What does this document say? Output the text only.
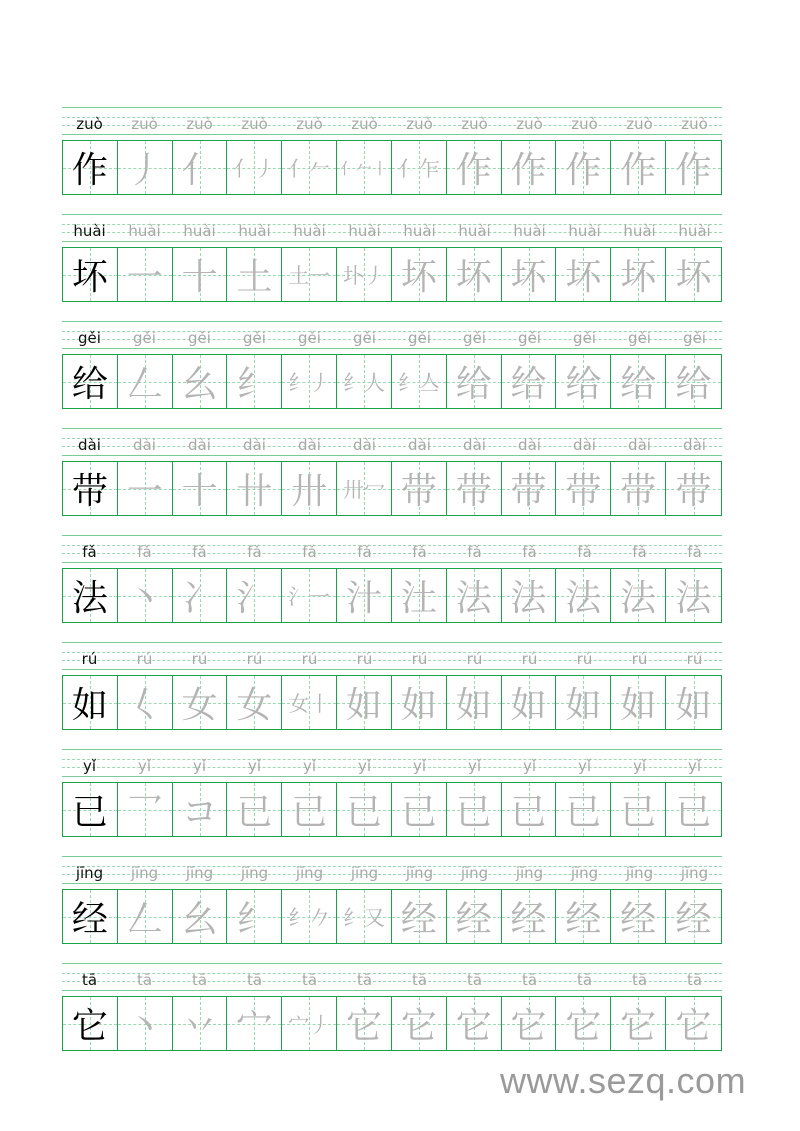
zuò	zuò	zuò	zuò	zuò	zuò	zuò	zuò	zuò	zuò	zuò	zuò
作 丿 亻 亻丿 亻𠂉 亻𠂉丨 亻乍 作 作 作 作 作
huài	huài	huài	huài	huài	huài	huài	huài	huài	huài	huài	huài
坏 一 十 土 土一 圤丿 坏 坏 坏 坏 坏 坏
gěi	gěi	gěi	gěi	gěi	gěi	gěi	gěi	gěi	gěi	gěi	gěi
给 𠃋 幺 纟 纟丿 纟人 纟亼 给 给 给 给 给
dài	dài	dài	dài	dài	dài	dài	dài	dài	dài	dài	dài
带 一 十 卄 卅 卅冖 带 带 带 带 带 带
fǎ	fǎ	fǎ	fǎ	fǎ	fǎ	fǎ	fǎ	fǎ	fǎ	fǎ	fǎ
法 丶 冫 氵 氵一 汁 汢 法 法 法 法 法
rú	rú	rú	rú	rú	rú	rú	rú	rú	rú	rú	rú
如 𡿨 女 女 女丨 如 如 如 如 如 如 如
yǐ	yǐ	yǐ	yǐ	yǐ	yǐ	yǐ	yǐ	yǐ	yǐ	yǐ	yǐ
已 乛 コ 已 已 已 已 已 已 已 已 已
jīng	jīng	jīng	jīng	jīng	jīng	jīng	jīng	jīng	jīng	jīng	jīng
经 𠃋 幺 纟 纟𠂊 纟又 经 经 经 经 经 经
tā	tā	tā	tā	tā	tā	tā	tā	tā	tā	tā	tā
它 丶 丷 宀 宀丿 它 它 它 它 它 它 它
www.sezq.com
